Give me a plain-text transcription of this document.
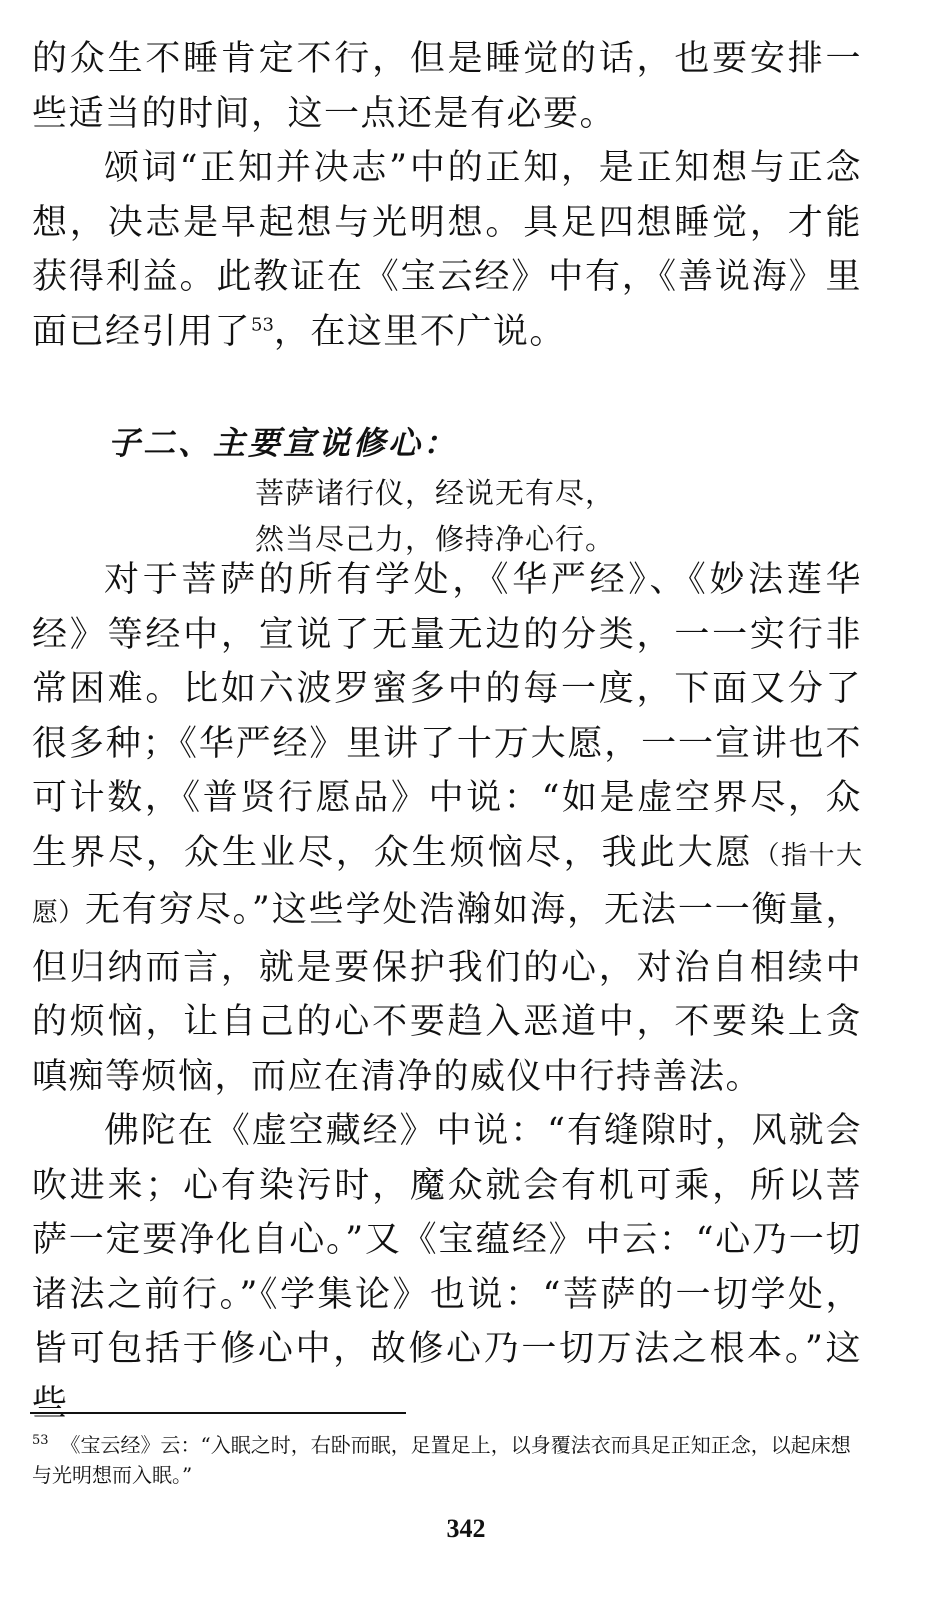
的众生不睡肯定不行，但是睡觉的话，也要安排一些适当的时间，这一点还是有必要。

颂词“正知并决志”中的正知，是正知想与正念想，决志是早起想与光明想。具足四想睡觉，才能获得利益。此教证在《宝云经》中有，《善说海》里面已经引用了$^{53}$，在这里不广说。

子二、主要宣说修心：

菩萨诸行仪，经说无有尽，
然当尽己力，修持净心行。

对于菩萨的所有学处，《华严经》、《妙法莲华经》等经中，宣说了无量无边的分类，一一实行非常困难。比如六波罗蜜多中的每一度，下面又分了很多种；《华严经》里讲了十万大愿，一一宣讲也不可计数，《普贤行愿品》中说：“如是虚空界尽，众生界尽，众生业尽，众生烦恼尽，我此大愿（指十大愿）无有穷尽。”这些学处浩瀚如海，无法一一衡量，但归纳而言，就是要保护我们的心，对治自相续中的烦恼，让自己的心不要趋入恶道中，不要染上贪嗔痴等烦恼，而应在清净的威仪中行持善法。

佛陀在《虚空藏经》中说：“有缝隙时，风就会吹进来；心有染污时，魔众就会有机可乘，所以菩萨一定要净化自心。”又《宝蕴经》中云：“心乃一切诸法之前行。”《学集论》也说：“菩萨的一切学处，皆可包括于修心中，故修心乃一切万法之根本。”这些

$^{53}$ 《宝云经》云：“入眠之时，右卧而眠，足置足上，以身覆法衣而具足正知正念，以起床想与光明想而入眠。”

342
